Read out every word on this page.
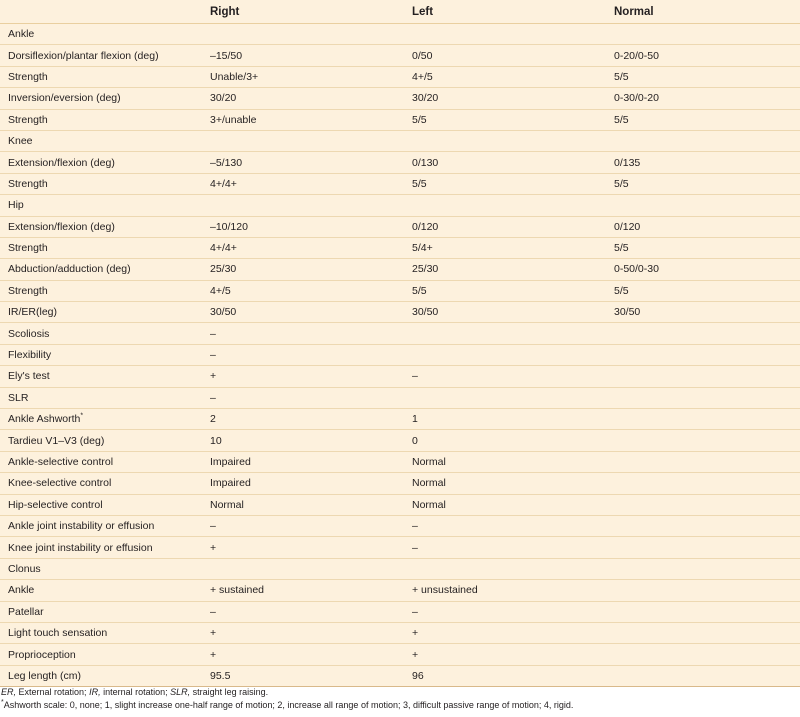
	Right	Left	Normal
Ankle			
Dorsiflexion/plantar flexion (deg)	–15/50	0/50	0-20/0-50
Strength	Unable/3+	4+/5	5/5
Inversion/eversion (deg)	30/20	30/20	0-30/0-20
Strength	3+/unable	5/5	5/5
Knee			
Extension/flexion (deg)	–5/130	0/130	0/135
Strength	4+/4+	5/5	5/5
Hip			
Extension/flexion (deg)	–10/120	0/120	0/120
Strength	4+/4+	5/4+	5/5
Abduction/adduction (deg)	25/30	25/30	0-50/0-30
Strength	4+/5	5/5	5/5
IR/ER(leg)	30/50	30/50	30/50
Scoliosis	–		
Flexibility	–		
Ely's test	+	–	
SLR	–		
Ankle Ashworth*	2	1	
Tardieu V1–V3 (deg)	10	0	
Ankle-selective control	Impaired	Normal	
Knee-selective control	Impaired	Normal	
Hip-selective control	Normal	Normal	
Ankle joint instability or effusion	–	–	
Knee joint instability or effusion	+	–	
Clonus			
Ankle	+ sustained	+ unsustained	
Patellar	–	–	
Light touch sensation	+	+	
Proprioception	+	+	
Leg length (cm)	95.5	96	
ER, External rotation; IR, internal rotation; SLR, straight leg raising.
*Ashworth scale: 0, none; 1, slight increase one-half range of motion; 2, increase all range of motion; 3, difficult passive range of motion; 4, rigid.
